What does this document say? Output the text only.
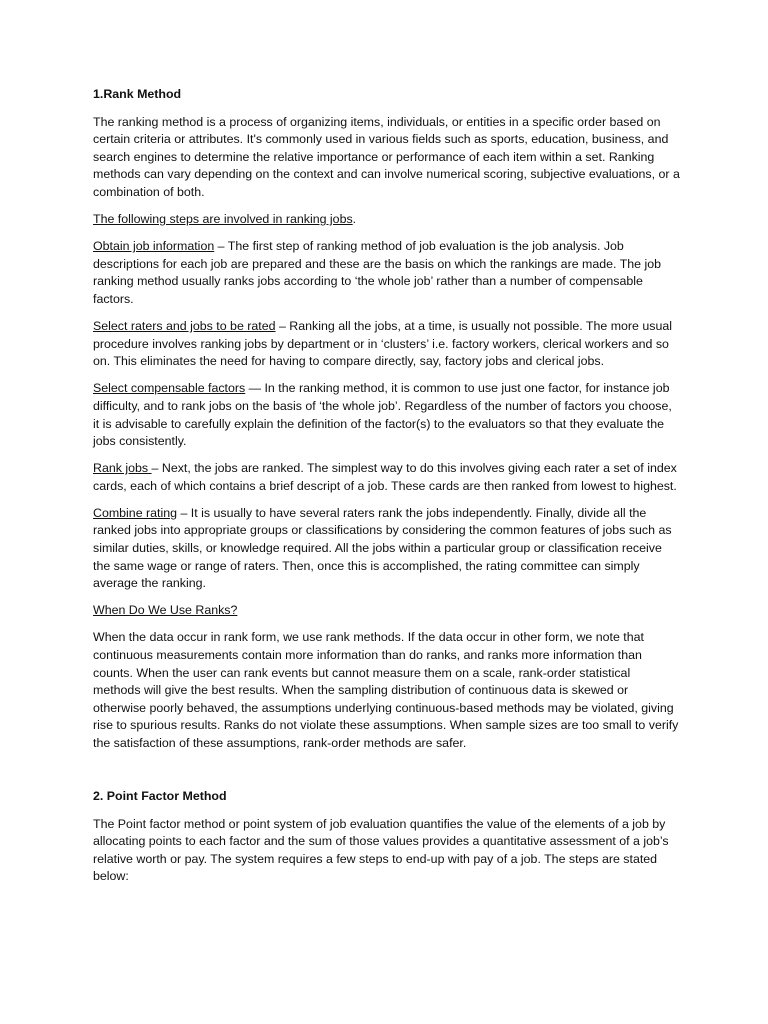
1.Rank Method

The ranking method is a process of organizing items, individuals, or entities in a specific order based on certain criteria or attributes. It's commonly used in various fields such as sports, education, business, and search engines to determine the relative importance or performance of each item within a set. Ranking methods can vary depending on the context and can involve numerical scoring, subjective evaluations, or a combination of both.

The following steps are involved in ranking jobs.

Obtain job information – The first step of ranking method of job evaluation is the job analysis. Job descriptions for each job are prepared and these are the basis on which the rankings are made. The job ranking method usually ranks jobs according to ‘the whole job’ rather than a number of compensable factors.

Select raters and jobs to be rated – Ranking all the jobs, at a time, is usually not possible. The more usual procedure involves ranking jobs by department or in ‘clusters’ i.e. factory workers, clerical workers and so on. This eliminates the need for having to compare directly, say, factory jobs and clerical jobs.

Select compensable factors — In the ranking method, it is common to use just one factor, for instance job difficulty, and to rank jobs on the basis of ‘the whole job’. Regardless of the number of factors you choose, it is advisable to carefully explain the definition of the factor(s) to the evaluators so that they evaluate the jobs consistently.

Rank jobs – Next, the jobs are ranked. The simplest way to do this involves giving each rater a set of index cards, each of which contains a brief descript of a job. These cards are then ranked from lowest to highest.

Combine rating – It is usually to have several raters rank the jobs independently. Finally, divide all the ranked jobs into appropriate groups or classifications by considering the common features of jobs such as similar duties, skills, or knowledge required. All the jobs within a particular group or classification receive the same wage or range of raters. Then, once this is accomplished, the rating committee can simply average the ranking.

When Do We Use Ranks?

When the data occur in rank form, we use rank methods. If the data occur in other form, we note that continuous measurements contain more information than do ranks, and ranks more information than counts. When the user can rank events but cannot measure them on a scale, rank-order statistical methods will give the best results. When the sampling distribution of continuous data is skewed or otherwise poorly behaved, the assumptions underlying continuous-based methods may be violated, giving rise to spurious results. Ranks do not violate these assumptions. When sample sizes are too small to verify the satisfaction of these assumptions, rank-order methods are safer.

2. Point Factor Method

The Point factor method or point system of job evaluation quantifies the value of the elements of a job by allocating points to each factor and the sum of those values provides a quantitative assessment of a job’s relative worth or pay. The system requires a few steps to end-up with pay of a job. The steps are stated below:
